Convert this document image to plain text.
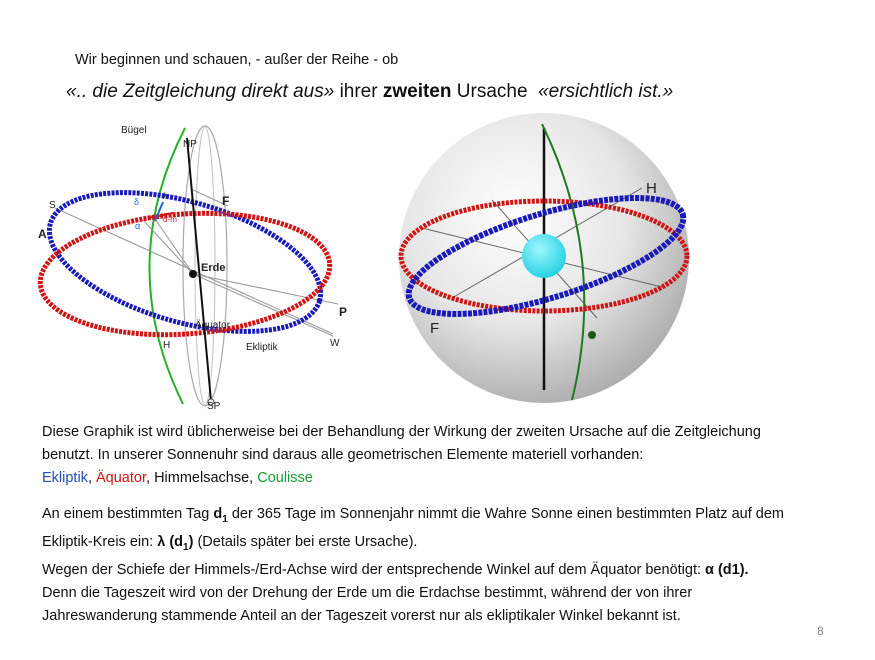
Wir beginnen und schauen, - außer der Reihe - ob
«.. die Zeitgleichung direkt aus» ihrer zweiten Ursache «ersichtlich ist.»
Bügel
NP
SP
S
A
F
P
W
H
Erde
Äquator
Ekliptik
δ
λ
α
α-m
H
F
Diese Graphik ist wird üblicherweise bei der Behandlung der Wirkung der zweiten Ursache auf die Zeitgleichung
benutzt. In unserer Sonnenuhr sind daraus alle geometrischen Elemente materiell vorhanden:
Ekliptik, Äquator, Himmelsachse, Coulisse
An einem bestimmten Tag $d_1$ der 365 Tage im Sonnenjahr nimmt die Wahre Sonne einen bestimmten Platz auf dem
Ekliptik-Kreis ein: λ $(d_1)$ (Details später bei erste Ursache).
Wegen der Schiefe der Himmels-/Erd-Achse wird der entsprechende Winkel auf dem Äquator benötigt: α (d1).
Denn die Tageszeit wird von der Drehung der Erde um die Erdachse bestimmt, während der von ihrer
Jahreswanderung stammende Anteil an der Tageszeit vorerst nur als ekliptikaler Winkel bekannt ist.
8
